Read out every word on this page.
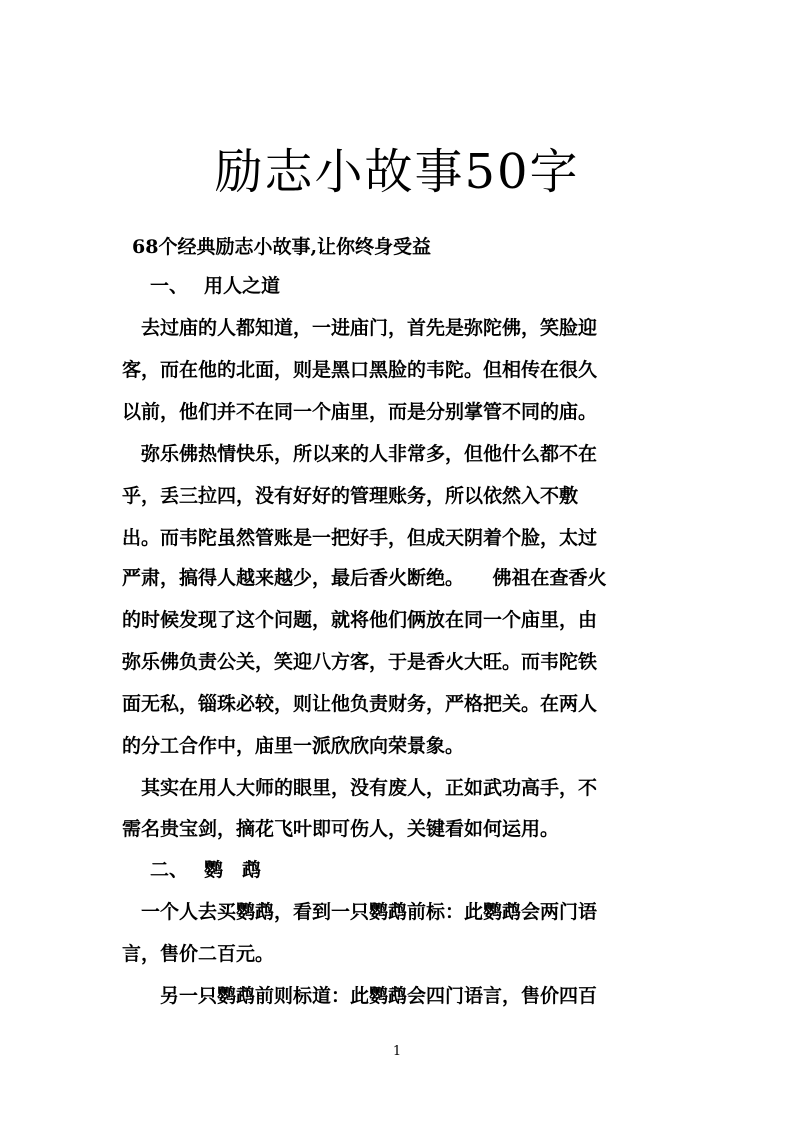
励志小故事50字
68个经典励志小故事,让你终身受益
一、 用人之道
　去过庙的人都知道，一进庙门，首先是弥陀佛，笑脸迎
客，而在他的北面，则是黑口黑脸的韦陀。但相传在很久
以前，他们并不在同一个庙里，而是分别掌管不同的庙。
　弥乐佛热情快乐，所以来的人非常多，但他什么都不在
乎，丢三拉四，没有好好的管理账务，所以依然入不敷
出。而韦陀虽然管账是一把好手，但成天阴着个脸，太过
严肃，搞得人越来越少，最后香火断绝。　　佛祖在查香火
的时候发现了这个问题，就将他们俩放在同一个庙里，由
弥乐佛负责公关，笑迎八方客，于是香火大旺。而韦陀铁
面无私，锱珠必较，则让他负责财务，严格把关。在两人
的分工合作中，庙里一派欣欣向荣景象。
　其实在用人大师的眼里，没有废人，正如武功高手，不
需名贵宝剑，摘花飞叶即可伤人，关键看如何运用。
二、 鹦　鹉
　一个人去买鹦鹉，看到一只鹦鹉前标：此鹦鹉会两门语
言，售价二百元。
　　另一只鹦鹉前则标道：此鹦鹉会四门语言，售价四百
1
